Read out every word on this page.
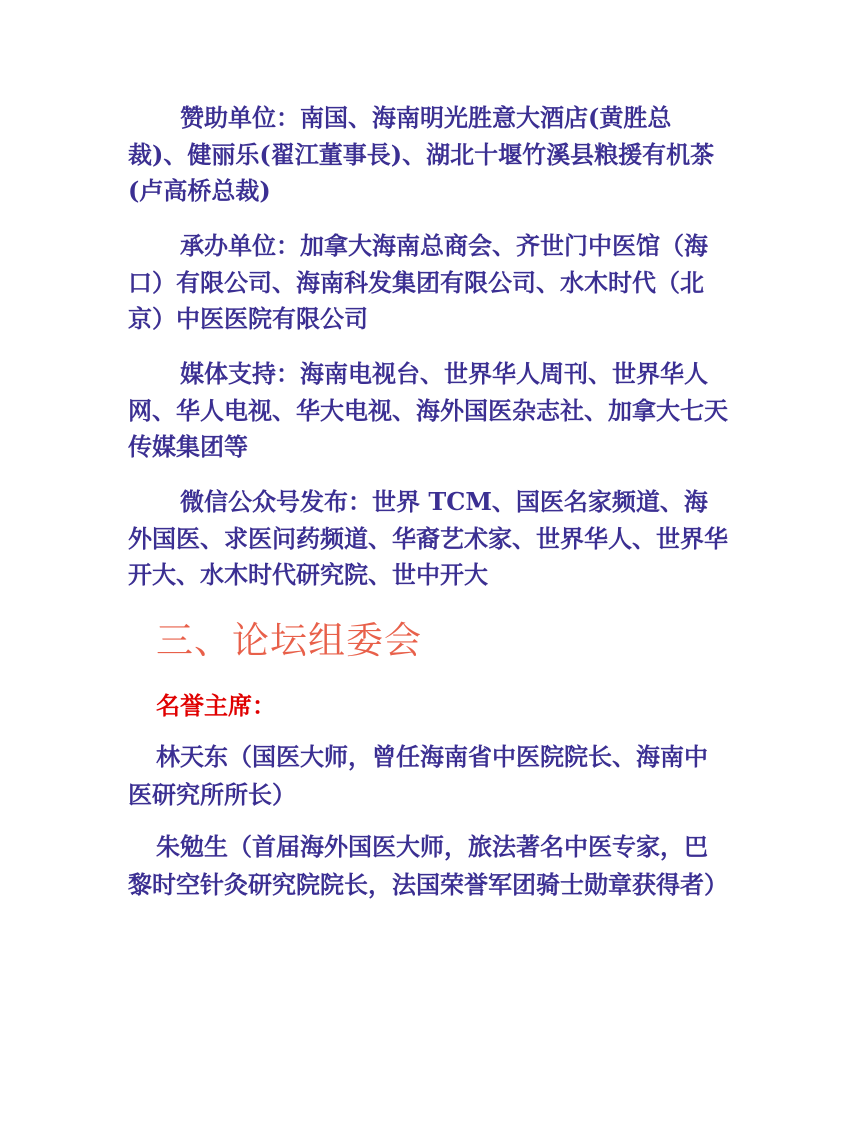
赞助单位：南国、海南明光胜意大酒店(黄胜总裁)、健丽乐(翟江董事長)、湖北十堰竹溪县粮援有机茶(卢高桥总裁)

承办单位：加拿大海南总商会、齐世门中医馆（海口）有限公司、海南科发集团有限公司、水木时代（北京）中医医院有限公司

媒体支持：海南电视台、世界华人周刊、世界华人网、华人电视、华大电视、海外国医杂志社、加拿大七天传媒集团等

微信公众号发布：世界 TCM、国医名家频道、海外国医、求医问药频道、华裔艺术家、世界华人、世界华开大、水木时代研究院、世中开大

三、论坛组委会

名誉主席：

林天东（国医大师，曾任海南省中医院院长、海南中医研究所所长）

朱勉生（首届海外国医大师，旅法著名中医专家，巴黎时空针灸研究院院长，法国荣誉军团骑士勋章获得者）
